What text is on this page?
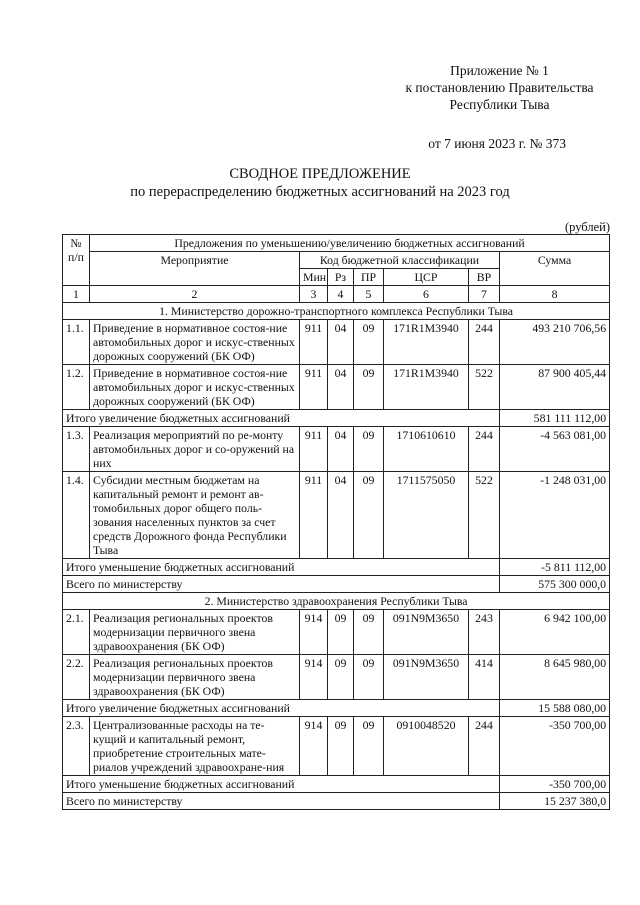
Приложение № 1
к постановлению Правительства
Республики Тыва
от 7 июня 2023 г. № 373
СВОДНОЕ ПРЕДЛОЖЕНИЕ
по перераспределению бюджетных ассигнований на 2023 год
(рублей)
№ п/п	Предложения по уменьшению/увеличению бюджетных ассигнований						
	Мероприятие	Код бюджетной классификации					Сумма
		Мин	Рз	ПР	ЦСР	ВР	
1	2	3	4	5	6	7	8
1. Министерство дорожно-транспортного комплекса Республики Тыва							
1.1.	Приведение в нормативное состоя-ние автомобильных дорог и искус-ственных дорожных сооружений (БК ОФ)	911	04	09	171R1M3940	244	493 210 706,56
1.2.	Приведение в нормативное состоя-ние автомобильных дорог и искус-ственных дорожных сооружений (БК ОФ)	911	04	09	171R1M3940	522	87 900 405,44
Итого увеличение бюджетных ассигнований							581 111 112,00
1.3.	Реализация мероприятий по ре-монту автомобильных дорог и со-оружений на них	911	04	09	1710610610	244	-4 563 081,00
1.4.	Субсидии местным бюджетам на капитальный ремонт и ремонт ав-томобильных дорог общего поль-зования населенных пунктов за счет средств Дорожного фонда Республики Тыва	911	04	09	1711575050	522	-1 248 031,00
Итого уменьшение бюджетных ассигнований							-5 811 112,00
Всего по министерству							575 300 000,0
2. Министерство здравоохранения Республики Тыва							
2.1.	Реализация региональных проектов модернизации первичного звена здравоохранения (БК ОФ)	914	09	09	091N9M3650	243	6 942 100,00
2.2.	Реализация региональных проектов модернизации первичного звена здравоохранения (БК ОФ)	914	09	09	091N9M3650	414	8 645 980,00
Итого увеличение бюджетных ассигнований							15 588 080,00
2.3.	Централизованные расходы на те-кущий и капитальный ремонт, приобретение строительных мате-риалов учреждений здравоохране-ния	914	09	09	0910048520	244	-350 700,00
Итого уменьшение бюджетных ассигнований							-350 700,00
Всего по министерству							15 237 380,0
